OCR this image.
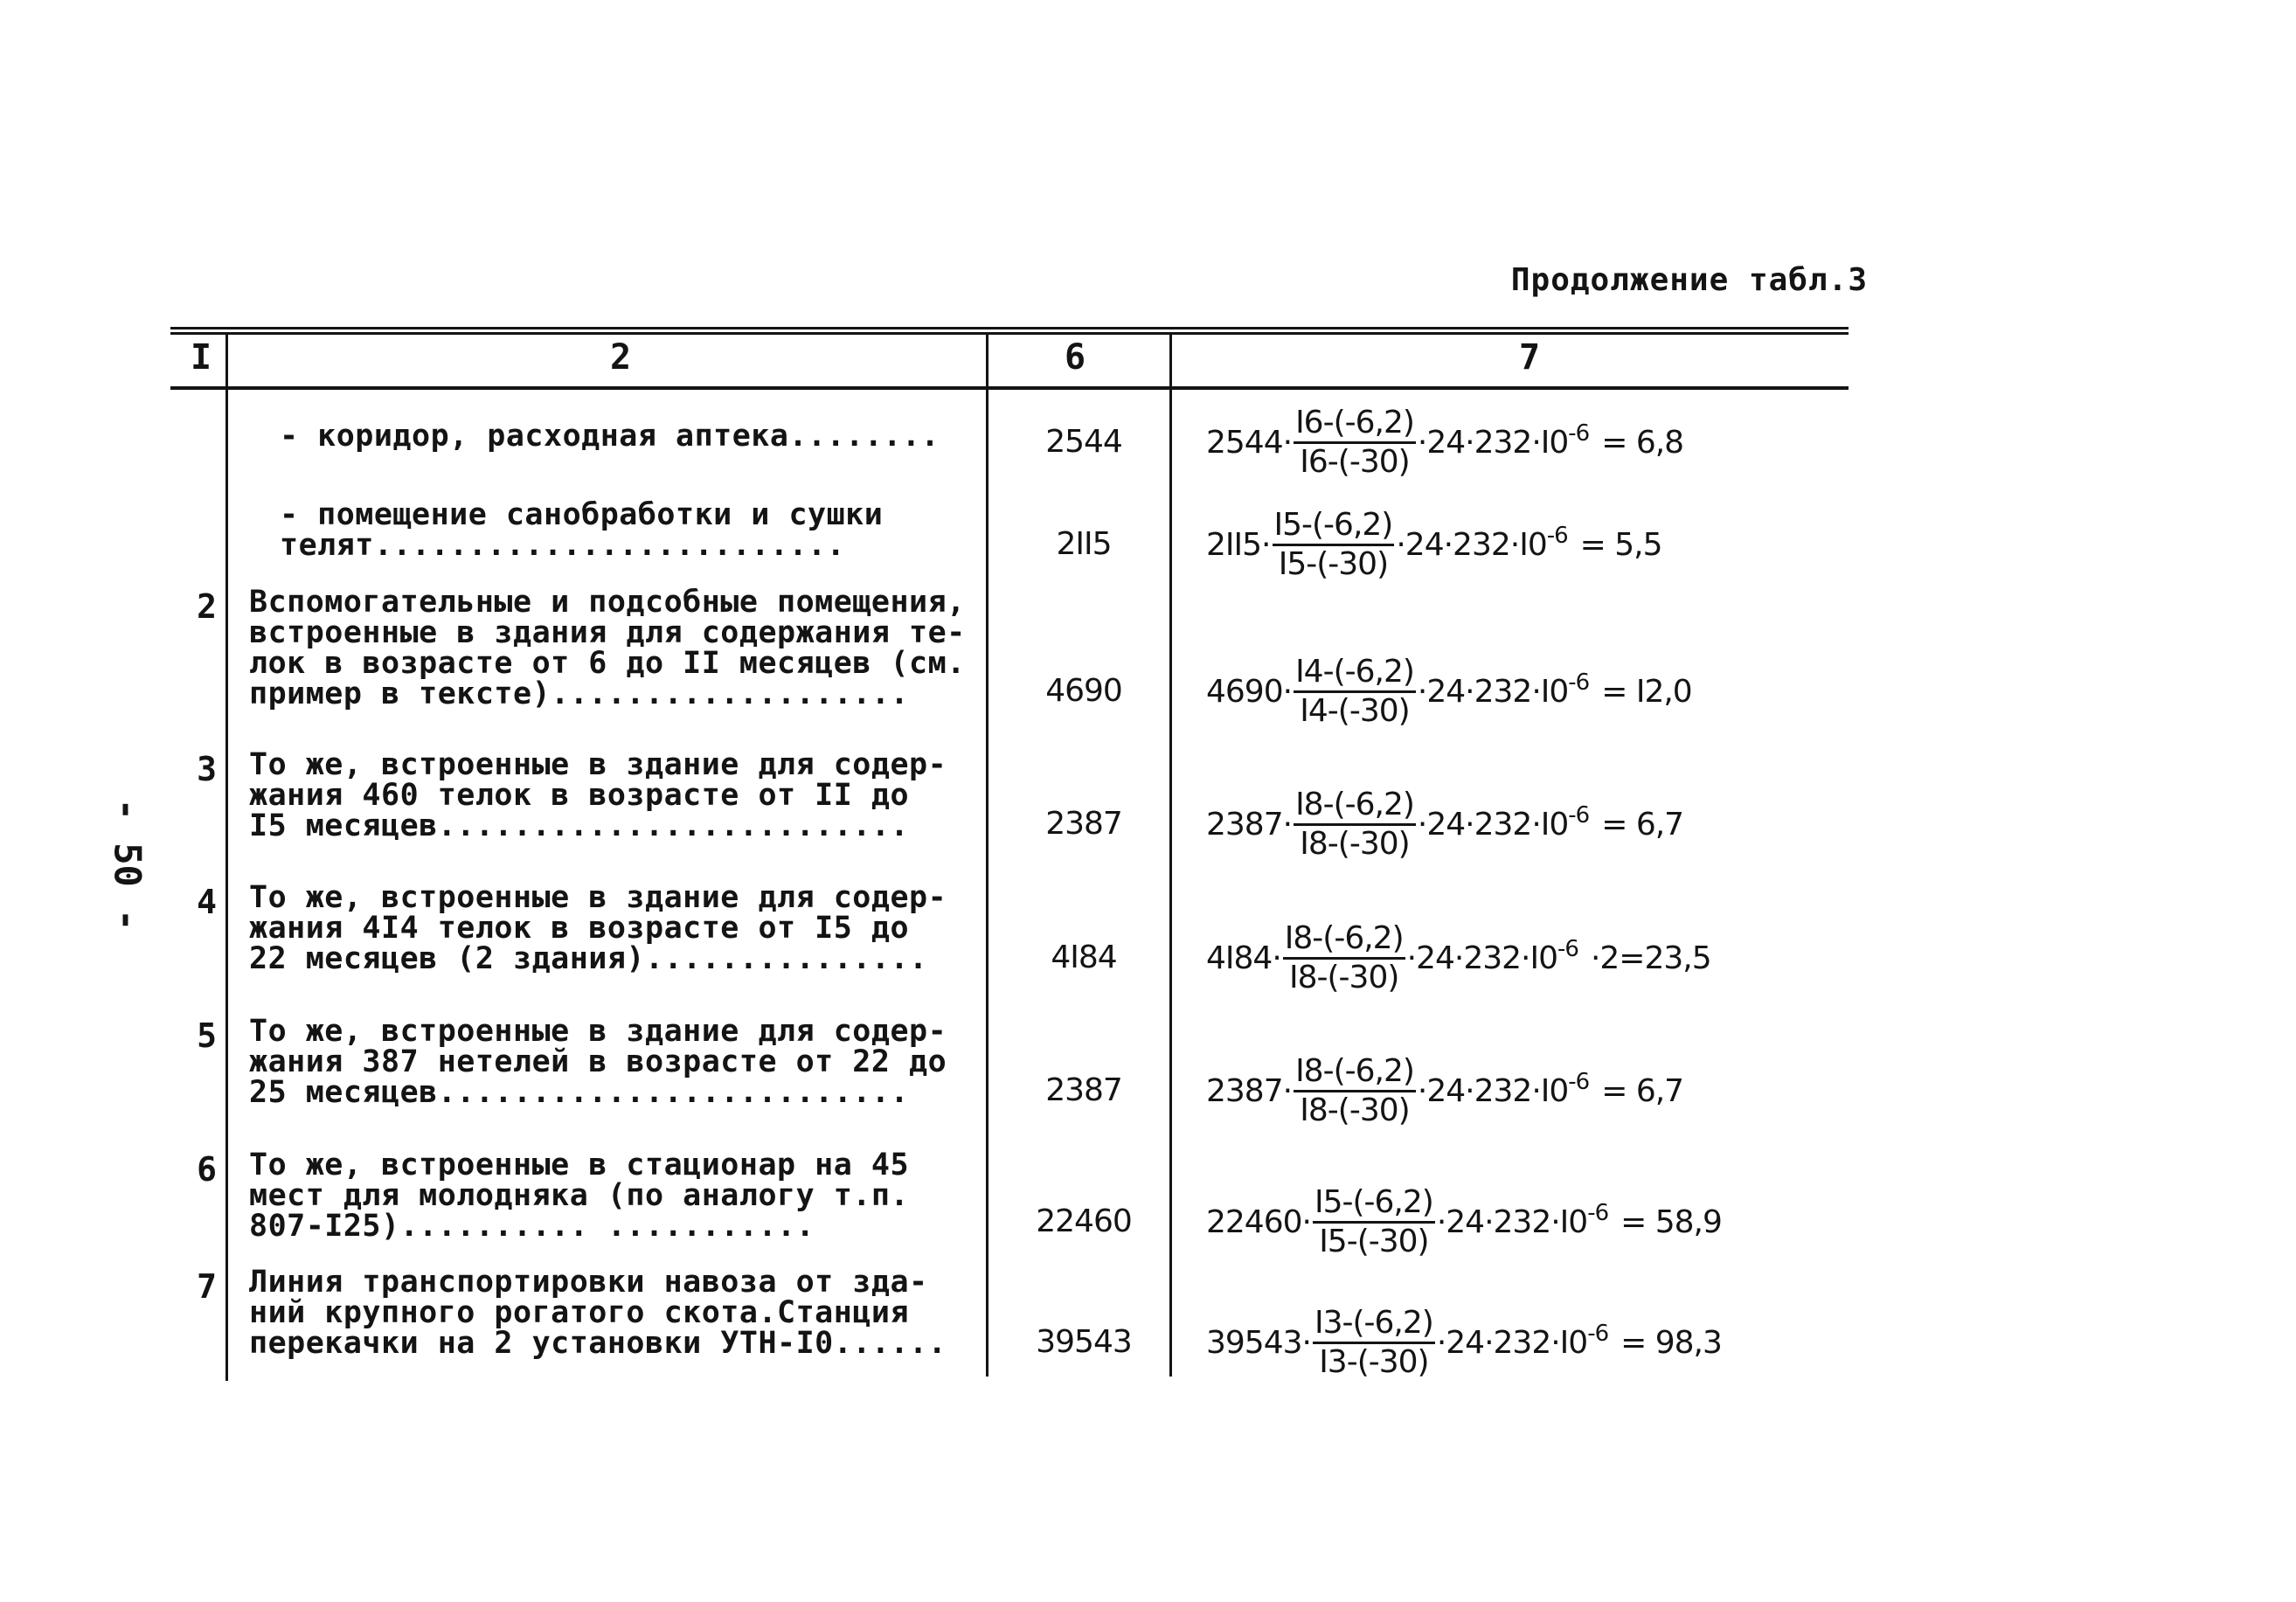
Продолжение табл.3
- 50 -
I	2	6	7
- коридор, расходная аптека........	2544	$2544\cdot \frac{I6-(-6,2)}{I6-(-30)} \cdot 24\cdot 232\cdot I0^{-6} = 6,8$
- помещение санобработки и сушки
телят.........................	2II5	$2II5\cdot \frac{I5-(-6,2)}{I5-(-30)} \cdot 24\cdot 232\cdot I0^{-6} = 5,5$
2 Вспомогательные и подсобные помещения,
встроенные в здания для содержания те-
лок в возрасте от 6 до II месяцев (см.
пример в тексте)...................	4690	$4690\cdot \frac{I4-(-6,2)}{I4-(-30)} \cdot 24\cdot 232\cdot I0^{-6} = I2,0$
3 То же, встроенные в здание для содер-
жания 460 телок в возрасте от II до
I5 месяцев.........................	2387	$2387\cdot \frac{I8-(-6,2)}{I8-(-30)} \cdot 24\cdot 232\cdot I0^{-6} = 6,7$
4 То же, встроенные в здание для содер-
жания 4I4 телок в возрасте от I5 до
22 месяцев (2 здания)...............	4I84	$4I84\cdot \frac{I8-(-6,2)}{I8-(-30)} \cdot 24\cdot 232\cdot I0^{-6} \cdot 2=23,5$
5 То же, встроенные в здание для содер-
жания 387 нетелей в возрасте от 22 до
25 месяцев.........................	2387	$2387\cdot \frac{I8-(-6,2)}{I8-(-30)} \cdot 24\cdot 232\cdot I0^{-6} = 6,7$
6 То же, встроенные в стационар на 45
мест для молодняка (по аналогу т.п.
807-I25).......... ...........	22460	$22460\cdot \frac{I5-(-6,2)}{I5-(-30)} \cdot 24\cdot 232\cdot I0^{-6} = 58,9$
7 Линия транспортировки навоза от зда-
ний крупного рогатого скота.Станция
перекачки на 2 установки УТН-I0......	39543	$39543\cdot \frac{I3-(-6,2)}{I3-(-30)} \cdot 24\cdot 232\cdot I0^{-6} = 98,3$
